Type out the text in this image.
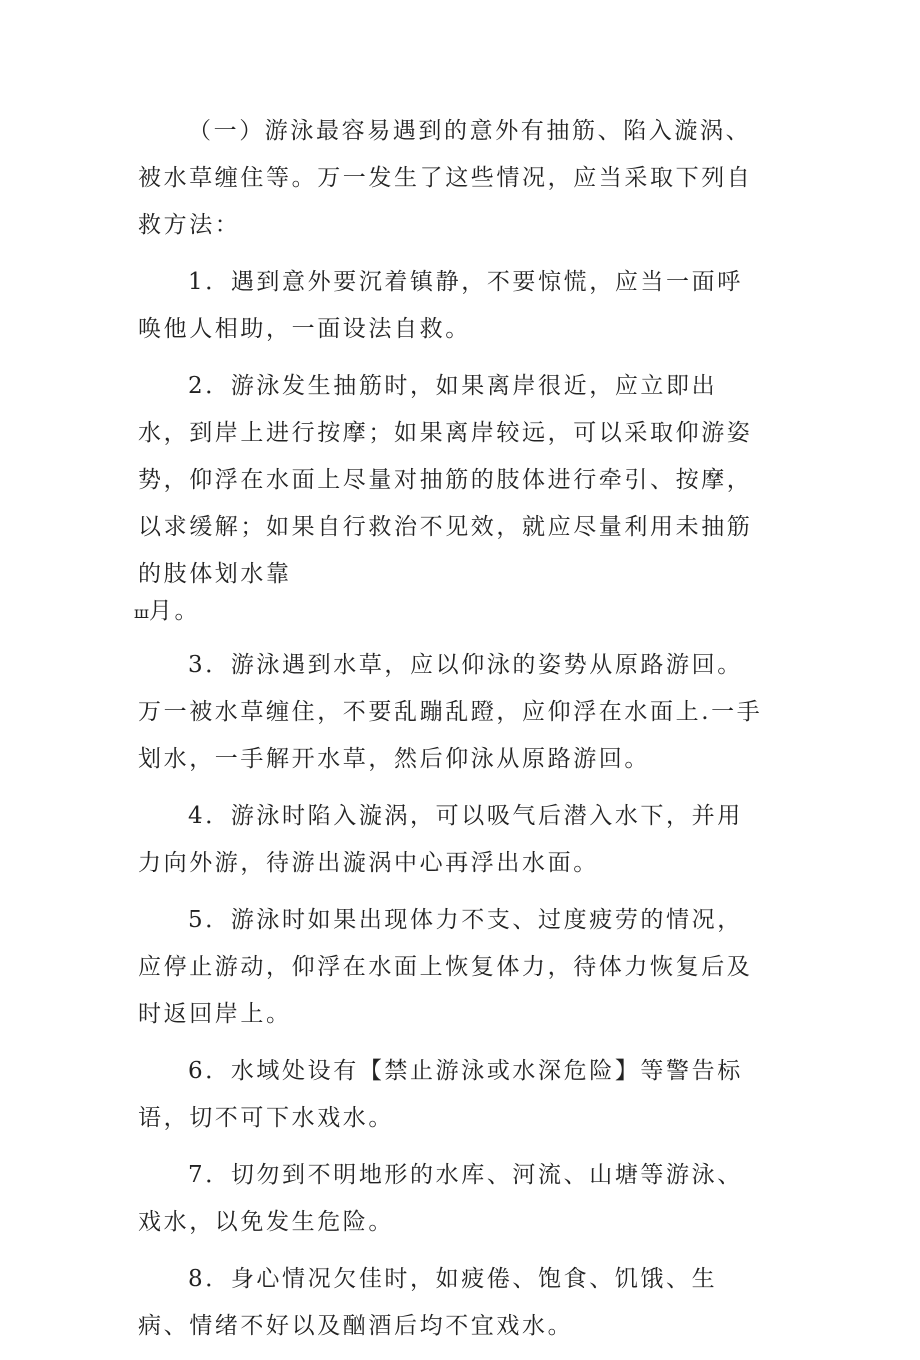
（一）游泳最容易遇到的意外有抽筋、陷入漩涡、被水草缠住等。万一发生了这些情况，应当采取下列自救方法：

1．遇到意外要沉着镇静，不要惊慌，应当一面呼唤他人相助，一面设法自救。

2．游泳发生抽筋时，如果离岸很近，应立即出水，到岸上进行按摩；如果离岸较远，可以采取仰游姿势，仰浮在水面上尽量对抽筋的肢体进行牵引、按摩，以求缓解；如果自行救治不见效，就应尽量利用未抽筋的肢体划水靠

ш月。

3．游泳遇到水草，应以仰泳的姿势从原路游回。万一被水草缠住，不要乱蹦乱蹬，应仰浮在水面上.一手划水，一手解开水草，然后仰泳从原路游回。

4．游泳时陷入漩涡，可以吸气后潜入水下，并用力向外游，待游出漩涡中心再浮出水面。

5．游泳时如果出现体力不支、过度疲劳的情况，应停止游动，仰浮在水面上恢复体力，待体力恢复后及时返回岸上。

6．水域处设有【禁止游泳或水深危险】等警告标语，切不可下水戏水。

7．切勿到不明地形的水库、河流、山塘等游泳、戏水，以免发生危险。

8．身心情况欠佳时，如疲倦、饱食、饥饿、生病、情绪不好以及酗酒后均不宜戏水。
